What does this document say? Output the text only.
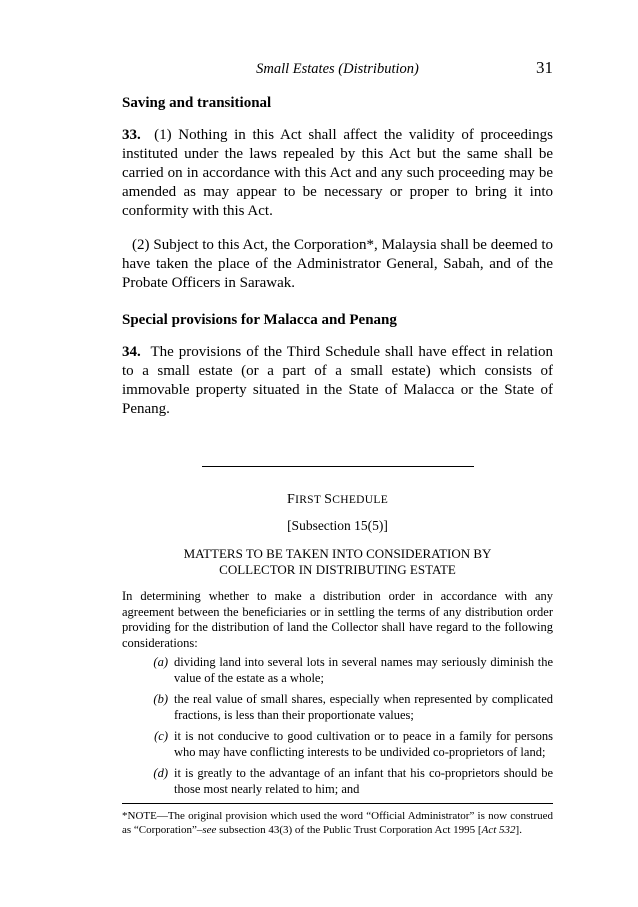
Small Estates (Distribution)	31
Saving and transitional

33. (1) Nothing in this Act shall affect the validity of proceedings instituted under the laws repealed by this Act but the same shall be carried on in accordance with this Act and any such proceeding may be amended as may appear to be necessary or proper to bring it into conformity with this Act.

(2) Subject to this Act, the Corporation*, Malaysia shall be deemed to have taken the place of the Administrator General, Sabah, and of the Probate Officers in Sarawak.

Special provisions for Malacca and Penang

34. The provisions of the Third Schedule shall have effect in relation to a small estate (or a part of a small estate) which consists of immovable property situated in the State of Malacca or the State of Penang.

FIRST SCHEDULE
[Subsection 15(5)]
MATTERS TO BE TAKEN INTO CONSIDERATION BY
COLLECTOR IN DISTRIBUTING ESTATE

In determining whether to make a distribution order in accordance with any agreement between the beneficiaries or in settling the terms of any distribution order providing for the distribution of land the Collector shall have regard to the following considerations:

(a) dividing land into several lots in several names may seriously diminish the value of the estate as a whole;

(b) the real value of small shares, especially when represented by complicated fractions, is less than their proportionate values;

(c) it is not conducive to good cultivation or to peace in a family for persons who may have conflicting interests to be undivided co-proprietors of land;

(d) it is greatly to the advantage of an infant that his co-proprietors should be those most nearly related to him; and

*NOTE—The original provision which used the word “Official Administrator” is now construed as “Corporation”–see subsection 43(3) of the Public Trust Corporation Act 1995 [Act 532].
